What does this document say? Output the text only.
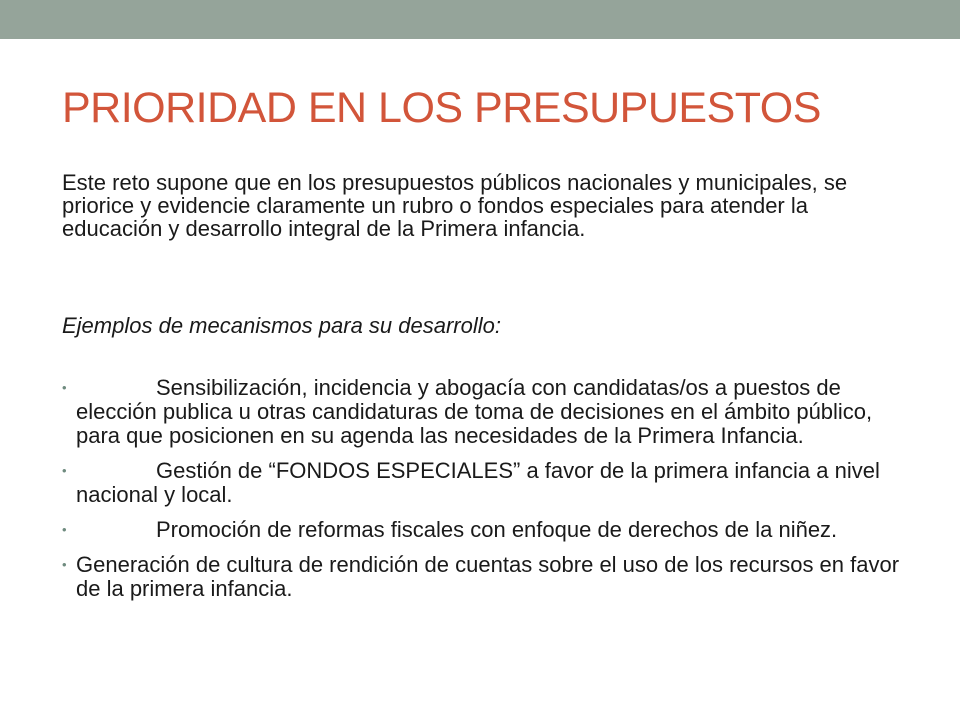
PRIORIDAD EN LOS PRESUPUESTOS

Este reto supone que en los presupuestos públicos nacionales y municipales, se priorice y evidencie claramente un rubro o fondos especiales para atender la educación y desarrollo integral de la Primera infancia.

Ejemplos de mecanismos para su desarrollo:

•	Sensibilización, incidencia y abogacía con candidatas/os a puestos de elección publica u otras candidaturas de toma de decisiones en el ámbito público, para que posicionen en su agenda las necesidades de la Primera Infancia.
•	Gestión de “FONDOS ESPECIALES” a favor de la primera infancia a nivel nacional y local.
•	Promoción de reformas fiscales con enfoque de derechos de la niñez.
• Generación de cultura de rendición de cuentas sobre el uso de los recursos en favor de la primera infancia.
